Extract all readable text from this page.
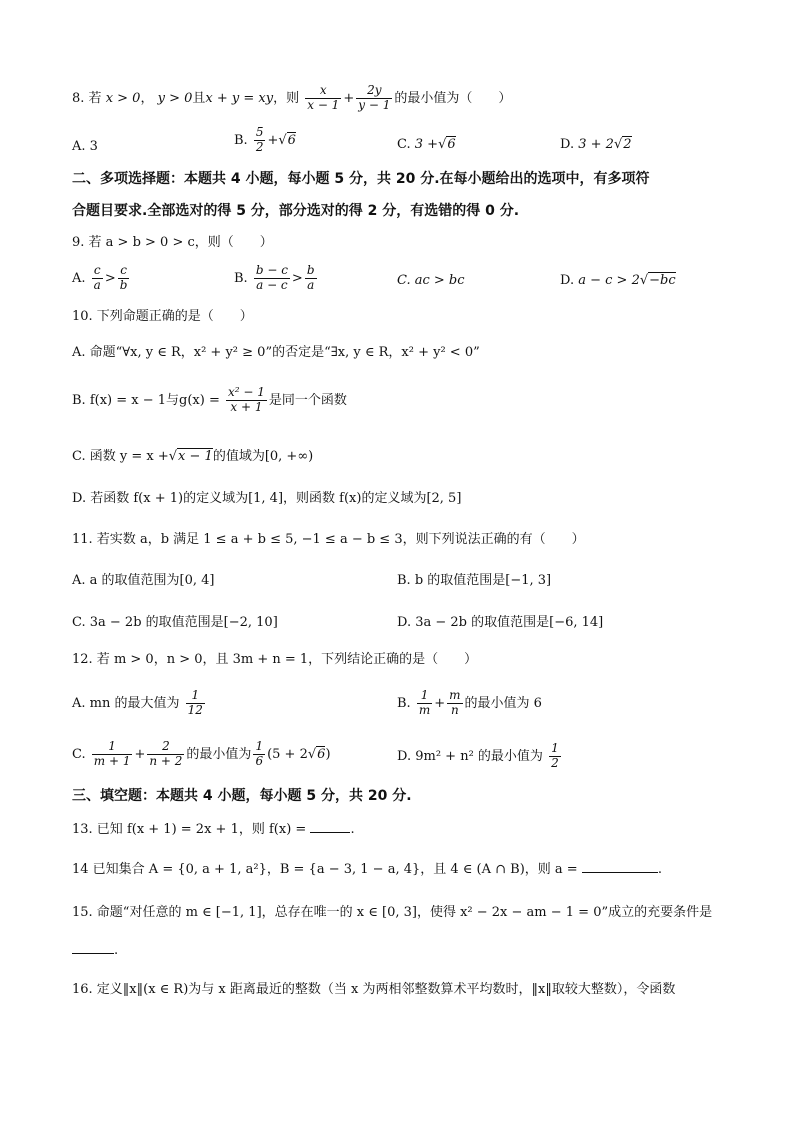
8. 若 x > 0， y > 0且x + y = xy，则 $\frac{x}{x - 1} + \frac{2y}{y - 1}$ 的最小值为（　　）
A. 3	B. $\frac{5}{2} +√6$	C. 3 +√6	D. 3 + 2√2
二、多项选择题：本题共 4 小题，每小题 5 分，共 20 分.在每小题给出的选项中，有多项符
合题目要求.全部选对的得 5 分，部分选对的得 2 分，有选错的得 0 分.
9. 若 a > b > 0 > c，则（　　）
A. $\frac{c}{a} > \frac{c}{b}$	B. $\frac{b - c}{a - c} > \frac{b}{a}$	C. ac > bc	D. a − c > 2√−bc
10. 下列命题正确的是（　　）
A. 命题“∀x, y ∈ R，x² + y² ≥ 0”的否定是“∃x, y ∈ R，x² + y² < 0”
B. f(x) = x − 1与$g(x) = \frac{\text{x² − 1}}{x + 1}$ 是同一个函数
C. 函数 y = x +√x − 1的值域为[0, +∞)
D. 若函数 f(x + 1)的定义域为[1, 4]，则函数 f(x)的定义域为[2, 5]
11. 若实数 a，b 满足 1 ≤ a + b ≤ 5, −1 ≤ a − b ≤ 3，则下列说法正确的有（　　）
A. a 的取值范围为[0, 4]	B. b 的取值范围是[−1, 3]
C. 3a − 2b 的取值范围是[−2, 10]	D. 3a − 2b 的取值范围是[−6, 14]
12. 若 m > 0，n > 0，且 3m + n = 1，下列结论正确的是（　　）
A. mn 的最大值为 $\frac{1}{12}$	B. $\frac{1}{m} + \frac{m}{n}$ 的最小值为 6
C. $\frac{1}{m + 1} + \frac{2}{n + 2}$ 的最小值为 $\frac{1}{6} (5 + 2√6)$	D. 9m² + n² 的最小值为 $\frac{1}{2}$
三、填空题：本题共 4 小题，每小题 5 分，共 20 分.
13. 已知 f(x + 1) = 2x + 1，则 f(x) =	.
14 已知集合 A = {0, a + 1, a²}，B = {a − 3, 1 − a, 4}，且 4 ∈ (A ∩ B)，则 a =	.
15. 命题“对任意的 m ∈ [−1, 1]，总存在唯一的 x ∈ [0, 3]，使得 x² − 2x − am − 1 = 0”成立的充要条件是
.
16. 定义‖x‖(x ∈ R)为与 x 距离最近的整数（当 x 为两相邻整数算术平均数时，‖x‖取较大整数），令函数
